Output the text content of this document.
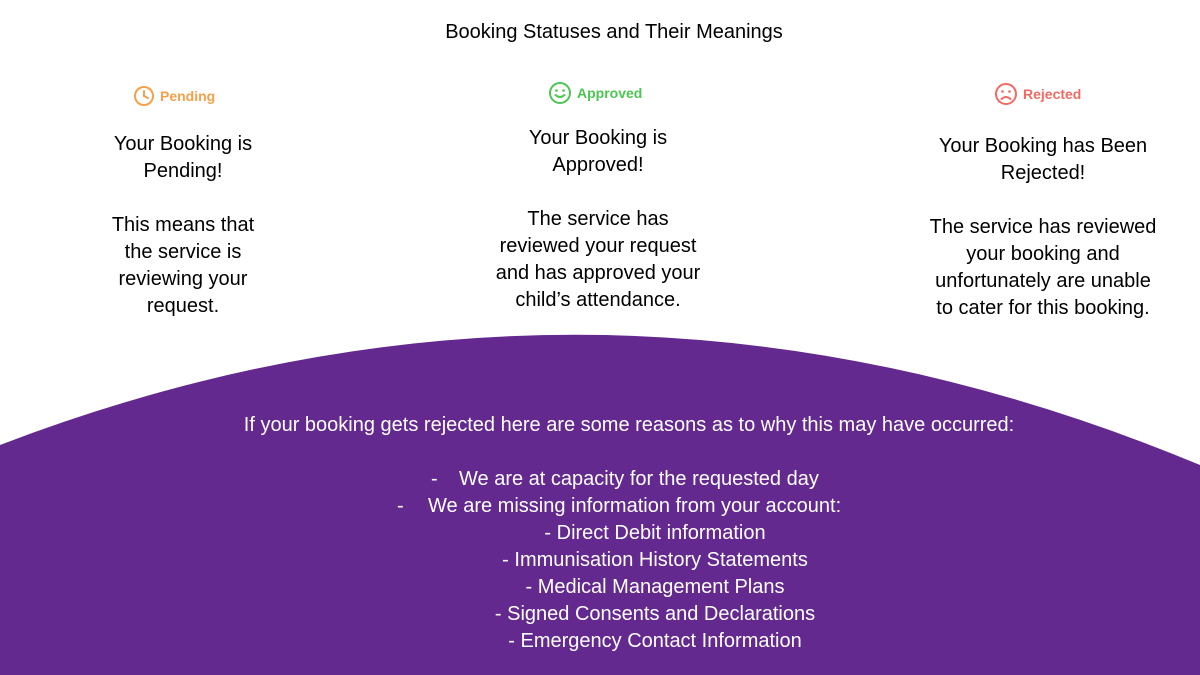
Booking Statuses and Their Meanings
Pending	Approved	Rejected

Your Booking is

Pending!

This means that

the service is

reviewing your

request.

Your Booking is

Approved!

The service has

reviewed your request

and has approved your

child’s attendance.

Your Booking has Been

Rejected!

The service has reviewed

your booking and

unfortunately are unable

to cater for this booking.

If your booking gets rejected here are some reasons as to why this may have occurred:
- We are at capacity for the requested day
- We are missing information from your account:
- Direct Debit information
- Immunisation History Statements
- Medical Management Plans
- Signed Consents and Declarations
- Emergency Contact Information
